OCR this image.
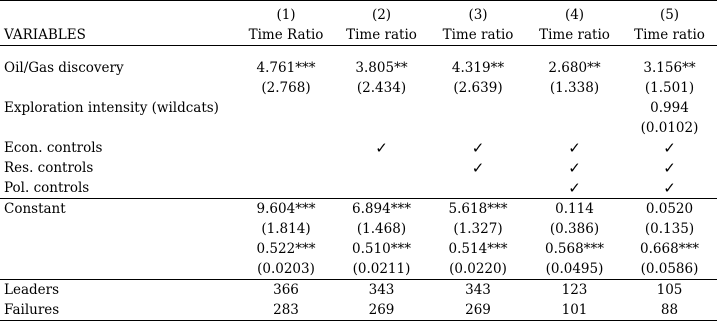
	(1)	(2)	(3)	(4)	(5)
VARIABLES	Time Ratio	Time ratio	Time ratio	Time ratio	Time ratio

Oil/Gas discovery	4.761***	3.805**	4.319**	2.680**	3.156**
	(2.768)	(2.434)	(2.639)	(1.338)	(1.501)
Exploration intensity (wildcats)					0.994
					(0.0102)
Econ. controls		✓	✓	✓	✓
Res. controls			✓	✓	✓
Pol. controls				✓	✓
Constant	9.604***	6.894***	5.618***	0.114	0.0520
	(1.814)	(1.468)	(1.327)	(0.386)	(0.135)
	0.522***	0.510***	0.514***	0.568***	0.668***
	(0.0203)	(0.0211)	(0.0220)	(0.0495)	(0.0586)
Leaders	366	343	343	123	105
Failures	283	269	269	101	88
